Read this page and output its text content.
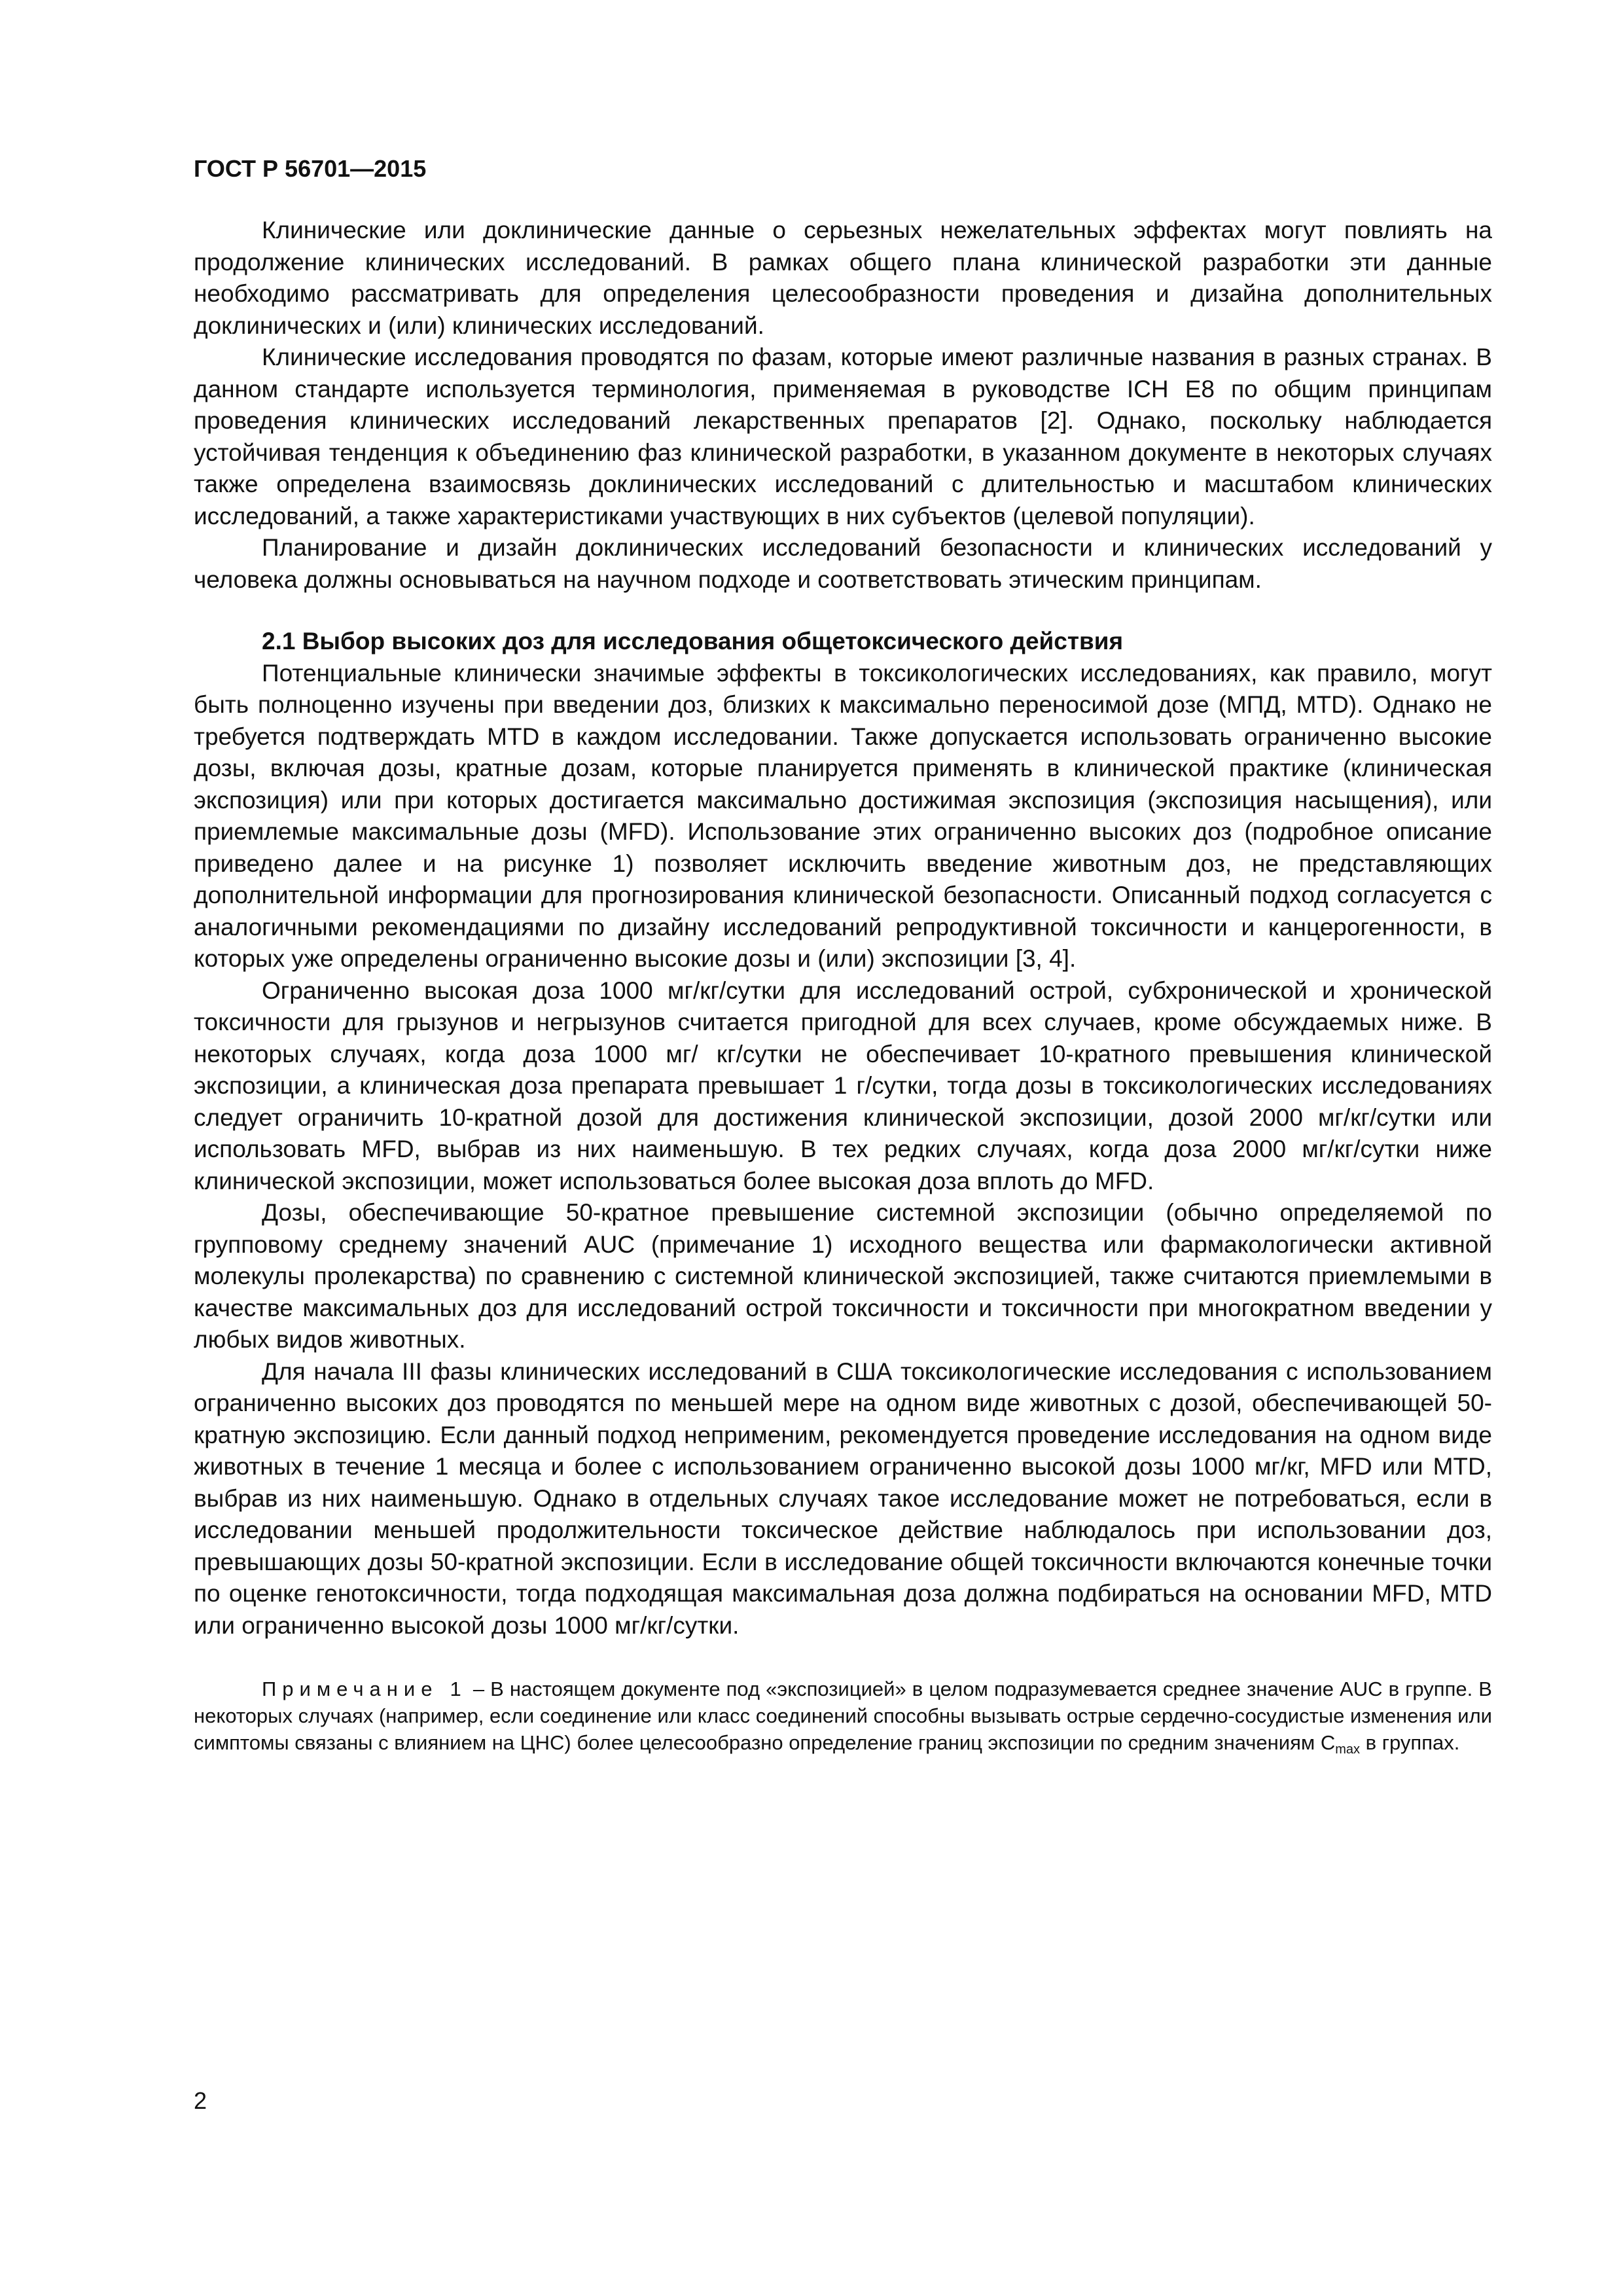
ГОСТ Р 56701—2015

Клинические или доклинические данные о серьезных нежелательных эффектах могут повлиять на продолжение клинических исследований. В рамках общего плана клинической разработки эти данные необходимо рассматривать для определения целесообразности проведения и дизайна дополнительных доклинических и (или) клинических исследований.

Клинические исследования проводятся по фазам, которые имеют различные названия в разных странах. В данном стандарте используется терминология, применяемая в руководстве ICH E8 по общим принципам проведения клинических исследований лекарственных препаратов [2]. Однако, поскольку наблюдается устойчивая тенденция к объединению фаз клинической разработки, в указанном документе в некоторых случаях также определена взаимосвязь доклинических исследований с длительностью и масштабом клинических исследований, а также характеристиками участвующих в них субъектов (целевой популяции).

Планирование и дизайн доклинических исследований безопасности и клинических исследований у человека должны основываться на научном подходе и соответствовать этическим принципам.

2.1 Выбор высоких доз для исследования общетоксического действия

Потенциальные клинически значимые эффекты в токсикологических исследованиях, как правило, могут быть полноценно изучены при введении доз, близких к максимально переносимой дозе (МПД, MTD). Однако не требуется подтверждать MTD в каждом исследовании. Также допускается использовать ограниченно высокие дозы, включая дозы, кратные дозам, которые планируется применять в клинической практике (клиническая экспозиция) или при которых достигается максимально достижимая экспозиция (экспозиция насыщения), или приемлемые максимальные дозы (MFD). Использование этих ограниченно высоких доз (подробное описание приведено далее и на рисунке 1) позволяет исключить введение животным доз, не представляющих дополнительной информации для прогнозирования клинической безопасности. Описанный подход согласуется с аналогичными рекомендациями по дизайну исследований репродуктивной токсичности и канцерогенности, в которых уже определены ограниченно высокие дозы и (или) экспозиции [3, 4].

Ограниченно высокая доза 1000 мг/кг/сутки для исследований острой, субхронической и хронической токсичности для грызунов и негрызунов считается пригодной для всех случаев, кроме обсуждаемых ниже. В некоторых случаях, когда доза 1000 мг/ кг/сутки не обеспечивает 10-кратного превышения клинической экспозиции, а клиническая доза препарата превышает 1 г/сутки, тогда дозы в токсикологических исследованиях следует ограничить 10-кратной дозой для достижения клинической экспозиции, дозой 2000 мг/кг/сутки или использовать MFD, выбрав из них наименьшую. В тех редких случаях, когда доза 2000 мг/кг/сутки ниже клинической экспозиции, может использоваться более высокая доза вплоть до MFD.

Дозы, обеспечивающие 50-кратное превышение системной экспозиции (обычно определяемой по групповому среднему значений AUC (примечание 1) исходного вещества или фармакологически активной молекулы пролекарства) по сравнению с системной клинической экспозицией, также считаются приемлемыми в качестве максимальных доз для исследований острой токсичности и токсичности при многократном введении у любых видов животных.

Для начала III фазы клинических исследований в США токсикологические исследования с использованием ограниченно высоких доз проводятся по меньшей мере на одном виде животных с дозой, обеспечивающей 50-кратную экспозицию. Если данный подход неприменим, рекомендуется проведение исследования на одном виде животных в течение 1 месяца и более с использованием ограниченно высокой дозы 1000 мг/кг, MFD или MTD, выбрав из них наименьшую. Однако в отдельных случаях такое исследование может не потребоваться, если в исследовании меньшей продолжительности токсическое действие наблюдалось при использовании доз, превышающих дозы 50-кратной экспозиции. Если в исследование общей токсичности включаются конечные точки по оценке генотоксичности, тогда подходящая максимальная доза должна подбираться на основании MFD, MTD или ограниченно высокой дозы 1000 мг/кг/сутки.

Примечание 1 – В настоящем документе под «экспозицией» в целом подразумевается среднее значение AUC в группе. В некоторых случаях (например, если соединение или класс соединений способны вызывать острые сердечно-сосудистые изменения или симптомы связаны с влиянием на ЦНС) более целесообразно определение границ экспозиции по средним значениям $C_{max}$ в группах.

2
